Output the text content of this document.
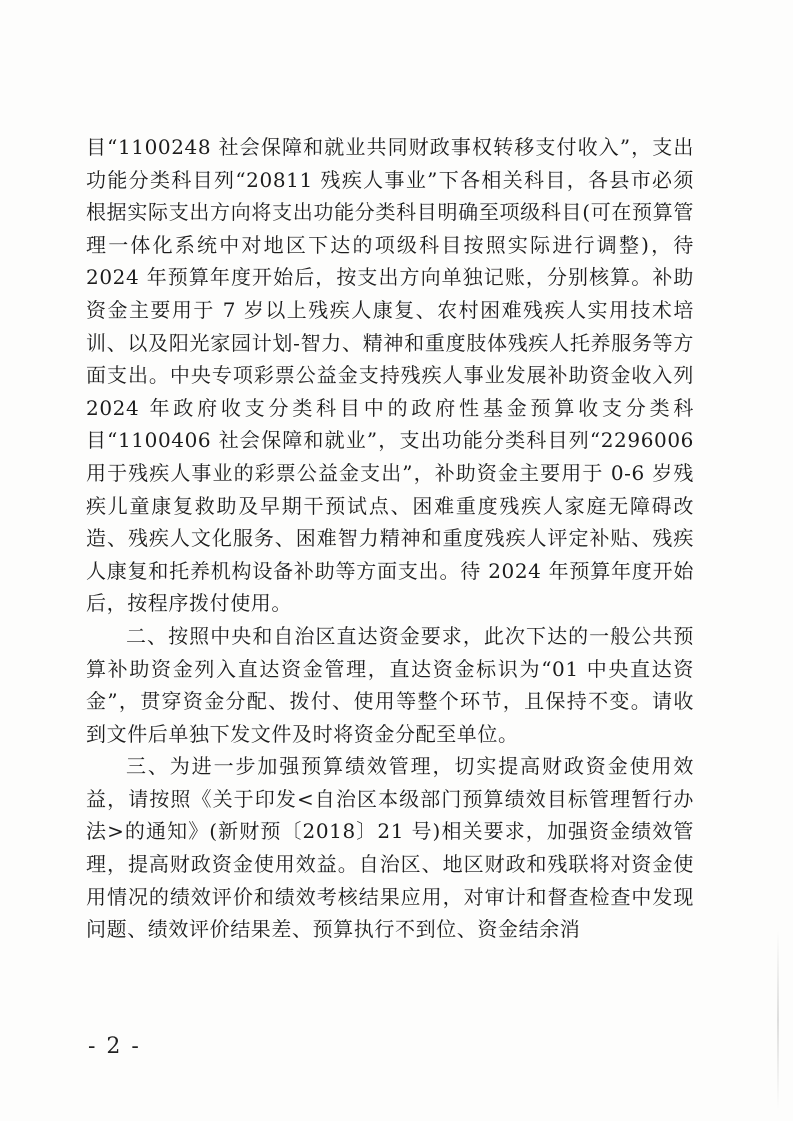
目“1100248 社会保障和就业共同财政事权转移支付收入”，支出功能分类科目列“20811 残疾人事业”下各相关科目，各县市必须根据实际支出方向将支出功能分类科目明确至项级科目(可在预算管理一体化系统中对地区下达的项级科目按照实际进行调整)，待 2024 年预算年度开始后，按支出方向单独记账，分别核算。补助资金主要用于 7 岁以上残疾人康复、农村困难残疾人实用技术培训、以及阳光家园计划-智力、精神和重度肢体残疾人托养服务等方面支出。中央专项彩票公益金支持残疾人事业发展补助资金收入列 2024 年政府收支分类科目中的政府性基金预算收支分类科目“1100406 社会保障和就业”，支出功能分类科目列“2296006 用于残疾人事业的彩票公益金支出”，补助资金主要用于 0-6 岁残疾儿童康复救助及早期干预试点、困难重度残疾人家庭无障碍改造、残疾人文化服务、困难智力精神和重度残疾人评定补贴、残疾人康复和托养机构设备补助等方面支出。待 2024 年预算年度开始后，按程序拨付使用。

二、按照中央和自治区直达资金要求，此次下达的一般公共预算补助资金列入直达资金管理，直达资金标识为“01 中央直达资金”，贯穿资金分配、拨付、使用等整个环节，且保持不变。请收到文件后单独下发文件及时将资金分配至单位。

三、为进一步加强预算绩效管理，切实提高财政资金使用效益，请按照《关于印发<自治区本级部门预算绩效目标管理暂行办法>的通知》(新财预〔2018〕21 号)相关要求，加强资金绩效管理，提高财政资金使用效益。自治区、地区财政和残联将对资金使用情况的绩效评价和绩效考核结果应用，对审计和督查检查中发现问题、绩效评价结果差、预算执行不到位、资金结余消

- 2 -
